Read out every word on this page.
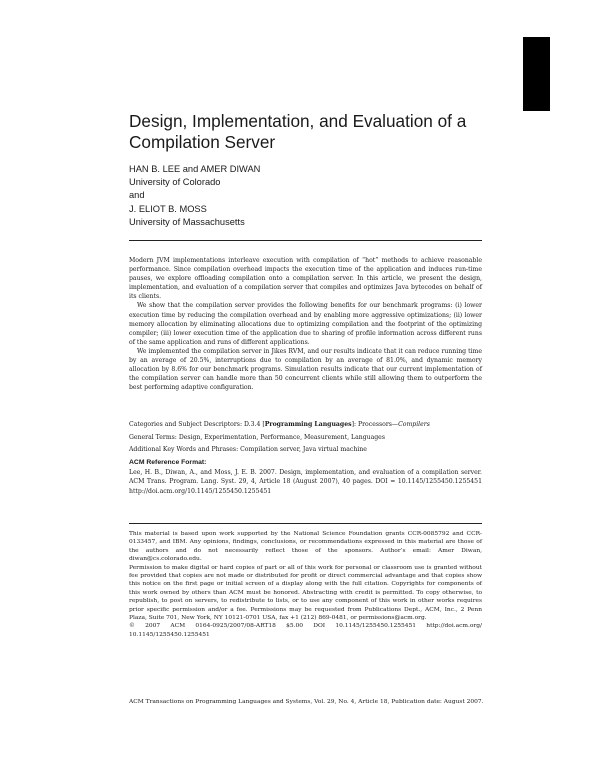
Design, Implementation, and Evaluation of a Compilation Server
HAN B. LEE and AMER DIWAN
University of Colorado
and
J. ELIOT B. MOSS
University of Massachusetts

Modern JVM implementations interleave execution with compilation of “hot” methods to achieve reasonable performance. Since compilation overhead impacts the execution time of the application and induces run-time pauses, we explore offloading compilation onto a compilation server. In this article, we present the design, implementation, and evaluation of a compilation server that compiles and optimizes Java bytecodes on behalf of its clients.

We show that the compilation server provides the following benefits for our benchmark programs: (i) lower execution time by reducing the compilation overhead and by enabling more aggressive optimizations; (ii) lower memory allocation by eliminating allocations due to optimizing compilation and the footprint of the optimizing compiler; (iii) lower execution time of the application due to sharing of profile information across different runs of the same application and runs of different applications.

We implemented the compilation server in Jikes RVM, and our results indicate that it can reduce running time by an average of 20.5%, interruptions due to compilation by an average of 81.0%, and dynamic memory allocation by 8.6% for our benchmark programs. Simulation results indicate that our current implementation of the compilation server can handle more than 50 concurrent clients while still allowing them to outperform the best performing adaptive configuration.

Categories and Subject Descriptors: D.3.4 [Programming Languages]: Processors—Compilers

General Terms: Design, Experimentation, Performance, Measurement, Languages

Additional Key Words and Phrases: Compilation server, Java virtual machine

ACM Reference Format:

Lee, H. B., Diwan, A., and Moss, J. E. B. 2007. Design, implementation, and evaluation of a compilation server. ACM Trans. Program. Lang. Syst. 29, 4, Article 18 (August 2007), 40 pages. DOI = 10.1145/1255450.1255451 http://doi.acm.org/10.1145/1255450.1255451

This material is based upon work supported by the National Science Foundation grants CCR-0085792 and CCR-0133457, and IBM. Any opinions, findings, conclusions, or recommendations expressed in this material are those of the authors and do not necessarily reflect those of the sponsors. Author’s email: Amer Diwan, diwan@cs.colorado.edu.

Permission to make digital or hard copies of part or all of this work for personal or classroom use is granted without fee provided that copies are not made or distributed for profit or direct commercial advantage and that copies show this notice on the first page or initial screen of a display along with the full citation. Copyrights for components of this work owned by others than ACM must be honored. Abstracting with credit is permitted. To copy otherwise, to republish, to post on servers, to redistribute to lists, or to use any component of this work in other works requires prior specific permission and/or a fee. Permissions may be requested from Publications Dept., ACM, Inc., 2 Penn Plaza, Suite 701, New York, NY 10121-0701 USA, fax +1 (212) 869-0481, or permissions@acm.org.

© 2007 ACM 0164-0925/2007/08-ART18 $5.00 DOI 10.1145/1255450.1255451 http://doi.acm.org/ 10.1145/1255450.1255451

ACM Transactions on Programming Languages and Systems, Vol. 29, No. 4, Article 18, Publication date: August 2007.
